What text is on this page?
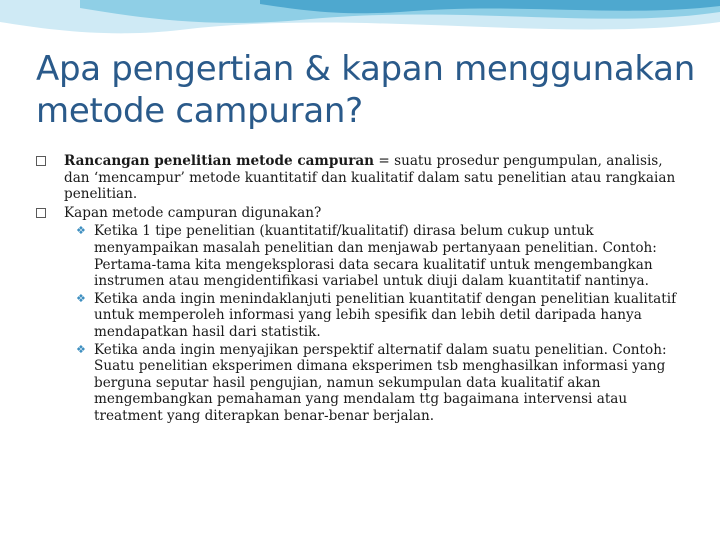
Apa pengertian & kapan menggunakan metode campuran?

Rancangan penelitian metode campuran = suatu prosedur pengumpulan, analisis, dan ‘mencampur’ metode kuantitatif dan kualitatif dalam satu penelitian atau rangkaian penelitian.

Kapan metode campuran digunakan?

❖ Ketika 1 tipe penelitian (kuantitatif/kualitatif) dirasa belum cukup untuk menyampaikan masalah penelitian dan menjawab pertanyaan penelitian. Contoh: Pertama-tama kita mengeksplorasi data secara kualitatif untuk mengembangkan instrumen atau mengidentifikasi variabel untuk diuji dalam kuantitatif nantinya.

❖ Ketika anda ingin menindaklanjuti penelitian kuantitatif dengan penelitian kualitatif untuk memperoleh informasi yang lebih spesifik dan lebih detil daripada hanya mendapatkan hasil dari statistik.

❖ Ketika anda ingin menyajikan perspektif alternatif dalam suatu penelitian. Contoh: Suatu penelitian eksperimen dimana eksperimen tsb menghasilkan informasi yang berguna seputar hasil pengujian, namun sekumpulan data kualitatif akan mengembangkan pemahaman yang mendalam ttg bagaimana intervensi atau treatment yang diterapkan benar-benar berjalan.
